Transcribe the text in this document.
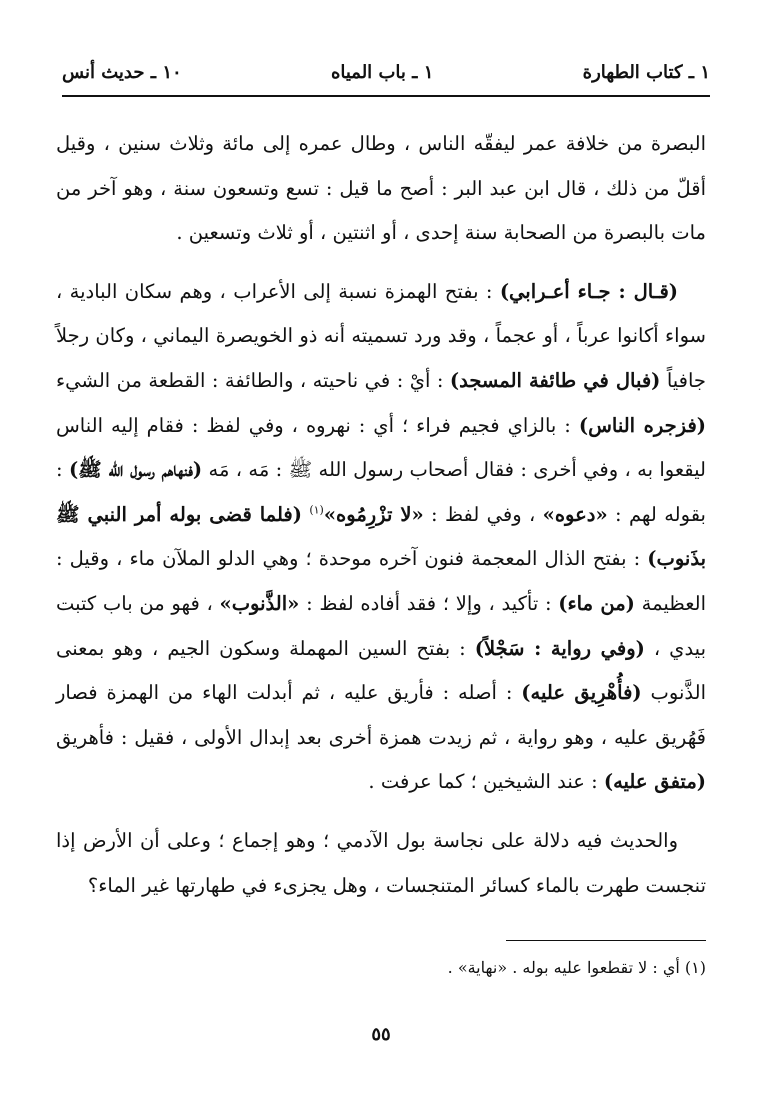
١ ـ كتاب الطهارة
١ ـ باب المياه
١٠ ـ حديث أنس

البصرة من خلافة عمر ليفقّه الناس ، وطال عمره إلى مائة وثلاث سنين ، وقيل أقلّ من ذلك ، قال ابن عبد البر : أصح ما قيل : تسع وتسعون سنة ، وهو آخر من مات بالبصرة من الصحابة سنة إحدى ، أو اثنتين ، أو ثلاث وتسعين .

(قـال : جـاء أعـرابي) : بفتح الهمزة نسبة إلى الأعراب ، وهم سكان البادية ، سواء أكانوا عرباً ، أو عجماً ، وقد ورد تسميته أنه ذو الخويصرة اليماني ، وكان رجلاً جافياً (فبال في طائفة المسجد) : أيْ : في ناحيته ، والطائفة : القطعة من الشيء (فزجره الناس) : بالزاي فجيم فراء ؛ أي : نهروه ، وفي لفظ : فقام إليه الناس ليقعوا به ، وفي أخرى : فقال أصحاب رسول الله ﷺ : مَه ، مَه (فنهاهم رسول الله ﷺ) : بقوله لهم : «دعوه» ، وفي لفظ : «لا تزْرِمُوه»$^{(١)}$ (فلما قضى بوله أمر النبي ﷺ بذَنوب) : بفتح الذال المعجمة فنون آخره موحدة ؛ وهي الدلو الملآن ماء ، وقيل : العظيمة (من ماء) : تأكيد ، وإلا ؛ فقد أفاده لفظ : «الذَّنوب» ، فهو من باب كتبت بيدي ، (وفي رواية : سَجْلاً) : بفتح السين المهملة وسكون الجيم ، وهو بمعنى الذَّنوب (فأُهْرِيق عليه) : أصله : فأريق عليه ، ثم أبدلت الهاء من الهمزة فصار فَهُريق عليه ، وهو رواية ، ثم زيدت همزة أخرى بعد إبدال الأولى ، فقيل : فأهريق (متفق عليه) : عند الشيخين ؛ كما عرفت .

والحديث فيه دلالة على نجاسة بول الآدمي ؛ وهو إجماع ؛ وعلى أن الأرض إذا تنجست طهرت بالماء كسائر المتنجسات ، وهل يجزىء في طهارتها غير الماء؟

(١) أي : لا تقطعوا عليه بوله . «نهاية» .
٥٥
